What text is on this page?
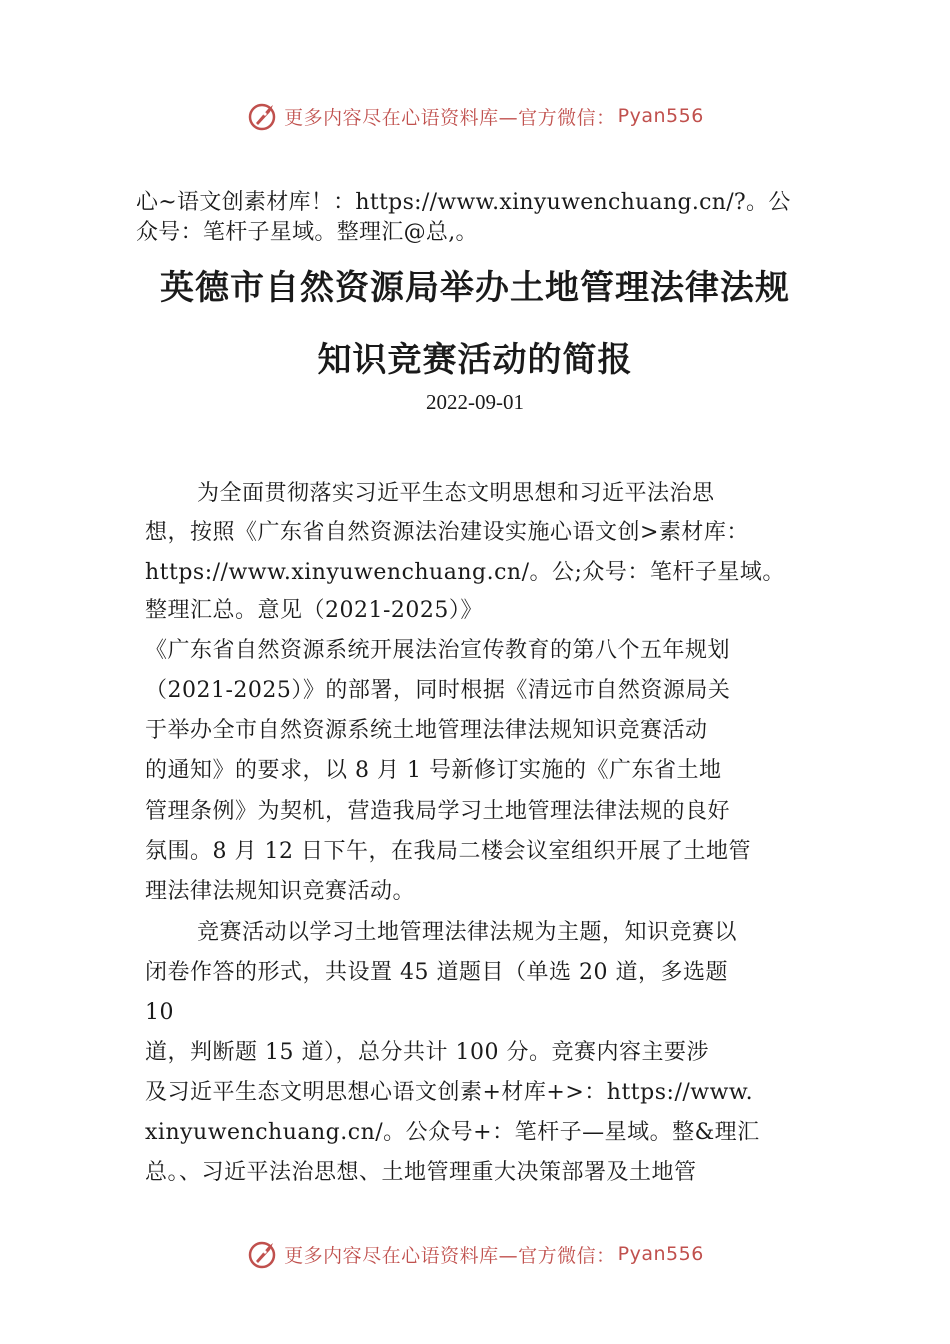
更多内容尽在心语资料库—官方微信： Pyan556
心~语文创素材库！：https://www.xinyuwenchuang.cn/?。公
众号：笔杆子星域。整理汇@总,。
英德市自然资源局举办土地管理法律法规
知识竞赛活动的简报
2022-09-01
为全面贯彻落实习近平生态文明思想和习近平法治思
想，按照《广东省自然资源法治建设实施心语文创>素材库：
https://www.xinyuwenchuang.cn/。公;众号：笔杆子星域。
整理汇总。意见（2021-2025）》
《广东省自然资源系统开展法治宣传教育的第八个五年规划
（2021-2025）》的部署，同时根据《清远市自然资源局关
于举办全市自然资源系统土地管理法律法规知识竞赛活动
的通知》的要求，以 8 月 1 号新修订实施的《广东省土地
管理条例》为契机，营造我局学习土地管理法律法规的良好
氛围。8 月 12 日下午，在我局二楼会议室组织开展了土地管
理法律法规知识竞赛活动。
竞赛活动以学习土地管理法律法规为主题，知识竞赛以
闭卷作答的形式，共设置 45 道题目（单选 20 道，多选题
10
道，判断题 15 道），总分共计 100 分。竞赛内容主要涉
及习近平生态文明思想心语文创素+材库+>：https://www.
xinyuwenchuang.cn/。公众号+：笔杆子—星域。整&理汇
总。、习近平法治思想、土地管理重大决策部署及土地管
更多内容尽在心语资料库—官方微信： Pyan556
